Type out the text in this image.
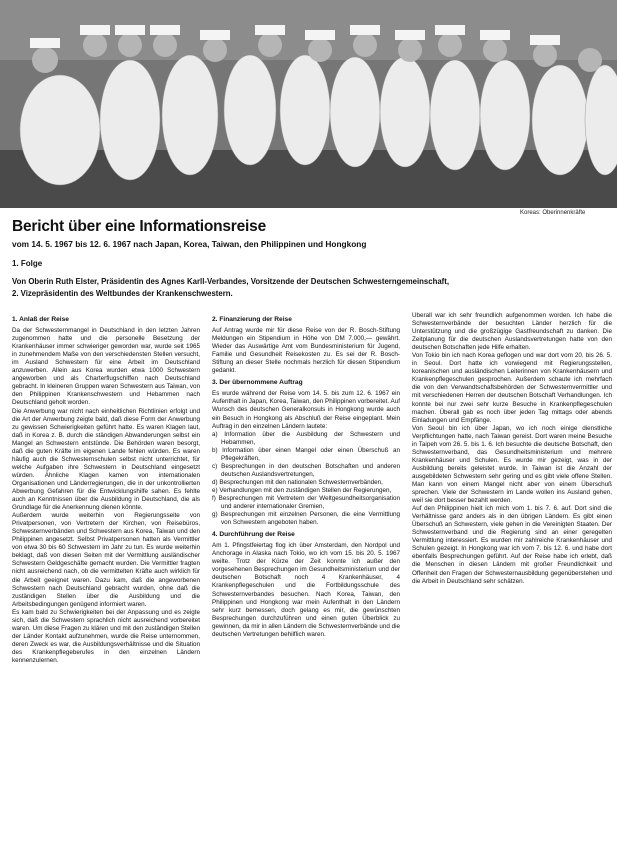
Koreas: Oberinnenkräfte
Bericht über eine Informationsreise
vom 14. 5. 1967 bis 12. 6. 1967 nach Japan, Korea, Taiwan, den Philippinen und Hongkong
1. Folge
Von Oberin Ruth Elster, Präsidentin des Agnes Karll-Verbandes, Vorsitzende der Deutschen Schwesterngemeinschaft,
2. Vizepräsidentin des Weltbundes der Krankenschwestern.
1. Anlaß der Reise

Da der Schwesternmangel in Deutschland in den letzten Jahren zugenommen hatte und die personelle Besetzung der Krankenhäuser immer schwieriger geworden war, wurde seit 1965 in zunehmendem Maße von den verschiedensten Stellen versucht, im Ausland Schwestern für eine Arbeit im Deutschland anzuwerben. Allein aus Korea wurden etwa 1000 Schwestern angeworben und als Charterflugschiffen nach Deutschland gebracht. In kleineren Gruppen waren Schwestern aus Taiwan, von den Philippinen Krankenschwestern und Hebammen nach Deutschland geholt worden.

Die Anwerbung war nicht nach einheitlichen Richtlinien erfolgt und die Art der Anwerbung zeigte bald, daß diese Form der Anwerbung zu gewissen Schwierigkeiten geführt hatte. Es waren Klagen laut, daß in Korea z. B. durch die ständigen Abwanderungen selbst ein Mangel an Schwestern entstünde. Die Behörden waren besorgt, daß die guten Kräfte im eigenen Lande fehlen würden. Es waren häufig auch die Schwesternschulen selbst nicht unterrichtet, für welche Aufgaben ihre Schwestern in Deutschland eingesetzt würden. Ähnliche Klagen kamen von internationalen Organisationen und Länderregierungen, die in der unkontrollierten Abwerbung Gefahren für die Entwicklungshilfe sahen. Es fehlte auch an Kenntnissen über die Ausbildung in Deutschland, die als Grundlage für die Anerkennung dienen könnte.

Außerdem wurde weiterhin von Regierungsseite von Privatpersonen, von Vertretern der Kirchen, von Reisebüros, Schwesternverbänden und Schwestern aus Korea, Taiwan und den Philippinen angesetzt. Selbst Privatpersonen hatten als Vermittler von etwa 30 bis 60 Schwestern im Jahr zu tun. Es wurde weiterhin beklagt, daß von diesen Seiten mit der Vermittlung ausländischer Schwestern Geldgeschäfte gemacht wurden. Die Vermittler fragten nicht ausreichend nach, ob die vermittelten Kräfte auch wirklich für die Arbeit geeignet waren. Dazu kam, daß die angeworbenen Schwestern nach Deutschland gebracht wurden, ohne daß die zuständigen Stellen über die Ausbildung und die Arbeitsbedingungen genügend informiert waren.

Es kam bald zu Schwierigkeiten bei der Anpassung und es zeigte sich, daß die Schwestern sprachlich nicht ausreichend vorbereitet waren. Um diese Fragen zu klären und mit den zuständigen Stellen der Länder Kontakt aufzunehmen, wurde die Reise unternommen, deren Zweck es war, die Ausbildungsverhältnisse und die Situation des Krankenpflegeberufes in den einzelnen Ländern kennenzulernen.

2. Finanzierung der Reise

Auf Antrag wurde mir für diese Reise von der R. Bosch-Stiftung Meldungen ein Stipendium in Höhe von DM 7.000,— gewährt. Wieder das Auswärtige Amt vom Bundesministerium für Jugend, Familie und Gesundheit Reisekosten zu. Es sei der R. Bosch-Stiftung an dieser Stelle nochmals herzlich für diesen Stipendium gedankt.

3. Der übernommene Auftrag

Es wurde während der Reise vom 14. 5. bis zum 12. 6. 1967 ein Aufenthalt in Japan, Korea, Taiwan, den Philippinen vorbereitet. Auf Wunsch des deutschen Generalkonsuls in Hongkong wurde auch ein Besuch in Hongkong als Abschluß der Reise eingeplant. Mein Auftrag in den einzelnen Ländern lautete:

a) Information über die Ausbildung der Schwestern und Hebammen,
b) Information über einen Mangel oder einen Überschuß an Pflegekräften,
c) Besprechungen in den deutschen Botschaften und anderen deutschen Auslandsvertretungen,
d) Besprechungen mit den nationalen Schwesternverbänden,
e) Verhandlungen mit den zuständigen Stellen der Regierungen,
f) Besprechungen mit Vertretern der Weltgesundheitsorganisation und anderer internationaler Gremien,
g) Besprechungen mit einzelnen Personen, die eine Vermittlung von Schwestern angeboten haben.
4. Durchführung der Reise

Am 1. Pfingstfeiertag flog ich über Amsterdam, den Nordpol und Anchorage in Alaska nach Tokio, wo ich vom 15. bis 20. 5. 1967 weilte. Trotz der Kürze der Zeit konnte ich außer den vorgesehenen Besprechungen im Gesundheitsministerium und der deutschen Botschaft noch 4 Krankenhäuser, 4 Krankenpflegeschulen und die Fortbildungsschule des Schwesternverbandes besuchen. Nach Korea, Taiwan, den Philippinen und Hongkong war mein Aufenthalt in den Ländern sehr kurz bemessen, doch gelang es mir, die gewünschten Besprechungen durchzuführen und einen guten Überblick zu gewinnen, da mir in allen Ländern die Schwesternverbände und die deutschen Vertretungen behilflich waren.

Überall war ich sehr freundlich aufgenommen worden. Ich habe die Schwesternverbände der besuchten Länder herzlich für die Unterstützung und die großzügige Gastfreundschaft zu danken. Die Zeitplanung für die deutschen Auslandsvertretungen hatte von den deutschen Botschaften jede Hilfe erhalten.

Von Tokio bin ich nach Korea geflogen und war dort vom 20. bis 26. 5. in Seoul. Dort hatte ich vorwiegend mit Regierungsstellen, koreanischen und ausländischen Leiterinnen von Krankenhäusern und Krankenpflegeschulen gesprochen. Außerdem schaute ich mehrfach die von den Verwandtschaftsbehörden der Schwesternvermittler und mit verschiedenen Herren der deutschen Botschaft Verhandlungen. Ich konnte bei nur zwei sehr kurze Besuche in Krankenpflegeschulen machen. Überall gab es noch über jeden Tag mittags oder abends Einladungen und Empfänge.

Von Seoul bin ich über Japan, wo ich noch einige dienstliche Verpflichtungen hatte, nach Taiwan gereist. Dort waren meine Besuche in Taipeh vom 26. 5. bis 1. 6. Ich besuchte die deutsche Botschaft, den Schwesternverband, das Gesundheitsministerium und mehrere Krankenhäuser und Schulen. Es wurde mir gezeigt, was in der Ausbildung bereits geleistet wurde. In Taiwan ist die Anzahl der ausgebildeten Schwestern sehr gering und es gibt viele offene Stellen. Man kann von einem Mangel nicht aber von einem Überschuß sprechen. Viele der Schwestern im Lande wollen ins Ausland gehen, weil sie dort besser bezahlt werden.

Auf den Philippinen hielt ich mich vom 1. bis 7. 6. auf. Dort sind die Verhältnisse ganz anders als in den übrigen Ländern. Es gibt einen Überschuß an Schwestern, viele gehen in die Vereinigten Staaten. Der Schwesternverband und die Regierung sind an einer geregelten Vermittlung interessiert. Es wurden mir zahlreiche Krankenhäuser und Schulen gezeigt. In Hongkong war ich vom 7. bis 12. 6. und habe dort ebenfalls Besprechungen geführt. Auf der Reise habe ich erlebt, daß die Menschen in diesen Ländern mit großer Freundlichkeit und Offenheit den Fragen der Schwesternausbildung gegenüberstehen und die Arbeit in Deutschland sehr schätzen.
